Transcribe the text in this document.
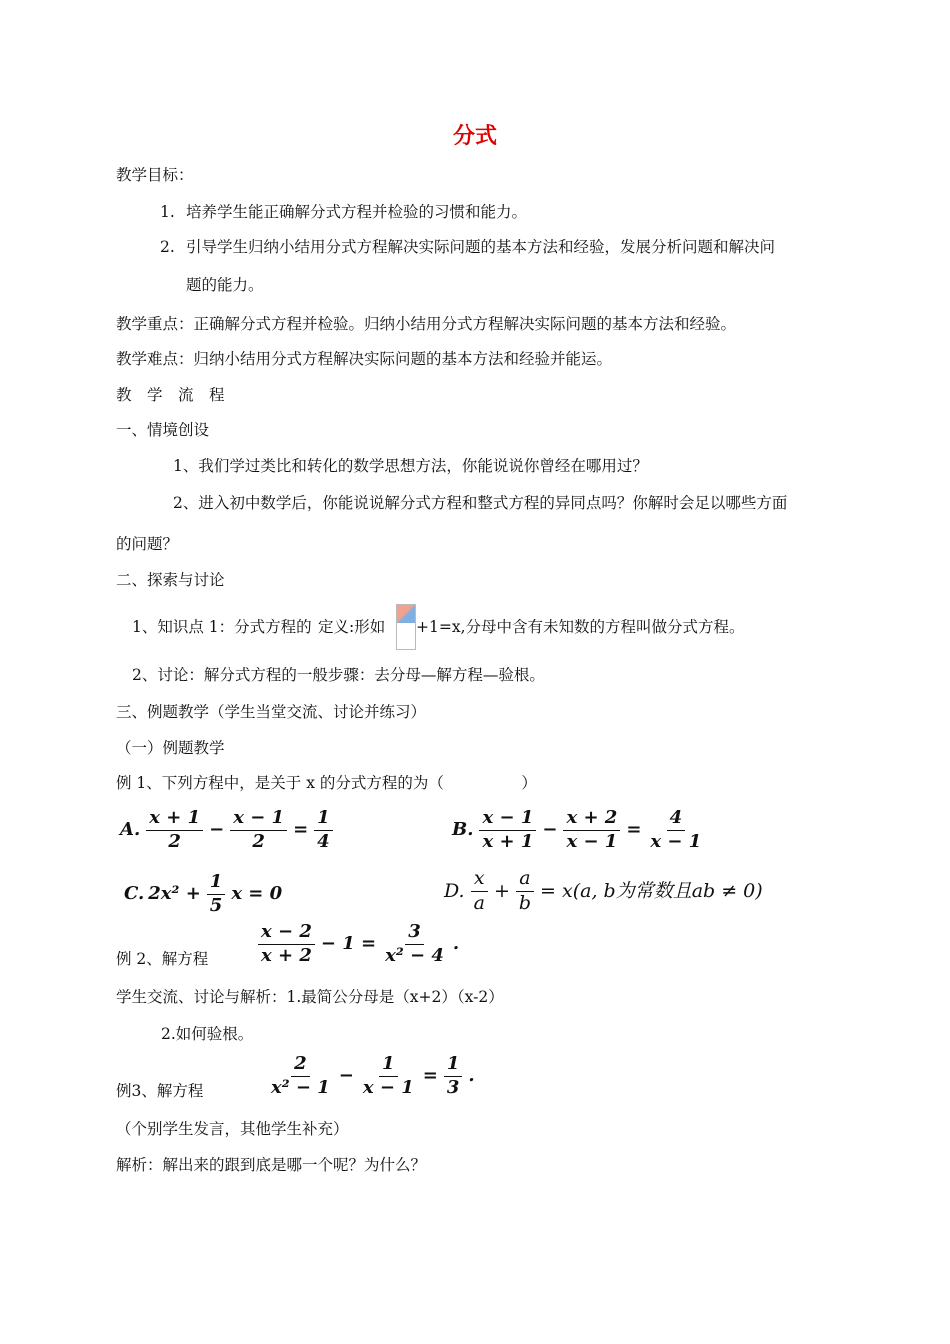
分式
教学目标：
1. 培养学生能正确解分式方程并检验的习惯和能力。
2. 引导学生归纳小结用分式方程解决实际问题的基本方法和经验，发展分析问题和解决问
题的能力。
教学重点：正确解分式方程并检验。归纳小结用分式方程解决实际问题的基本方法和经验。
教学难点：归纳小结用分式方程解决实际问题的基本方法和经验并能运。
教　学　流　程
一、情境创设
1、我们学过类比和转化的数学思想方法，你能说说你曾经在哪用过？
2、进入初中数学后，你能说说解分式方程和整式方程的异同点吗？你解时会足以哪些方面
的问题？
二、探索与讨论
1、知识点 1：分式方程的 定义:形如 +1=x,分母中含有未知数的方程叫做分式方程。
2、讨论：解分式方程的一般步骤：去分母—解方程—验根。
三、例题教学（学生当堂交流、讨论并练习）
（一）例题教学
例 1、下列方程中，是关于 x 的分式方程的为（　　　　　）
A. $\frac{x + 1}{2} - \frac{x - 1}{2} = \frac{1}{4}$	B. $\frac{x - 1}{x + 1} - \frac{x + 2}{x - 1} = \frac{4}{x - 1}$
C. $2x^2 + \frac{1}{5}$ x = 0	D. $\frac{x}{a} + \frac{a}{b} = x(a$, b为常数且ab ≠ 0)
例 2、解方程	$\frac{x - 2}{x + 2} - 1 = \frac{3}{\text{x² − 4}}$ .
学生交流、讨论与解析：1.最简公分母是（x+2）（x-2）
2.如何验根。
例3、解方程	$\frac{2}{\text{x² − 1}} - \frac{1}{x - 1} = \frac{1}{3}$ .
（个别学生发言，其他学生补充）
解析：解出来的跟到底是哪一个呢？为什么？
